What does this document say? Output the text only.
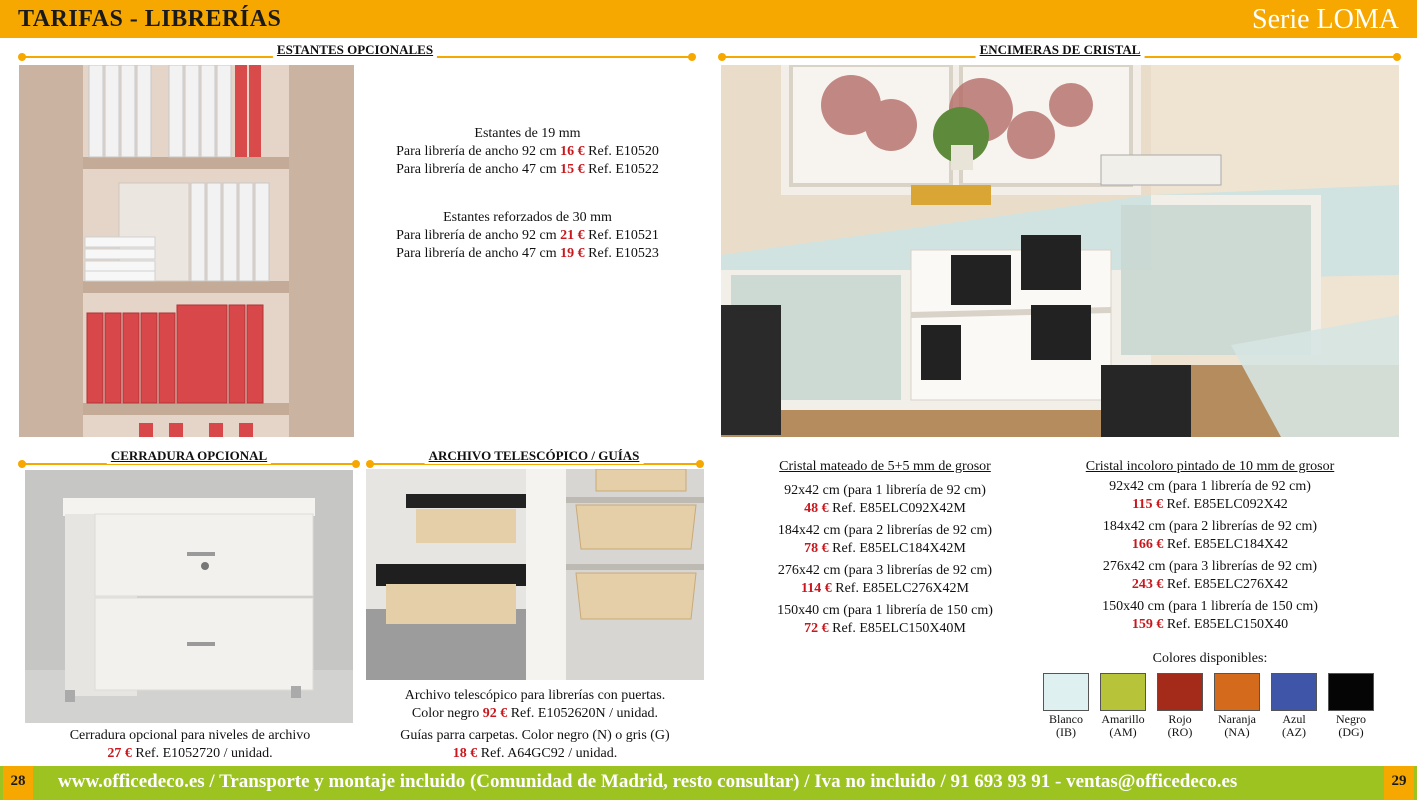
TARIFAS - LIBRERÍAS	Serie LOMA
ESTANTES OPCIONALES	ENCIMERAS DE CRISTAL
CERRADURA OPCIONAL	ARCHIVO TELESCÓPICO / GUÍAS
Estantes de 19 mm
Para librería de ancho 92 cm 16 € Ref. E10520
Para librería de ancho 47 cm 15 € Ref. E10522
Estantes reforzados de 30 mm
Para librería de ancho 92 cm 21 € Ref. E10521
Para librería de ancho 47 cm 19 € Ref. E10523
Cerradura opcional para niveles de archivo
27 € Ref. E1052720 / unidad.
Archivo telescópico para librerías con puertas.
Color negro 92 € Ref. E1052620N / unidad.
Guías parra carpetas. Color negro (N) o gris (G)
18 € Ref. A64GC92 / unidad.
Cristal mateado de 5+5 mm de grosor
92x42 cm (para 1 librería de 92 cm)
48 € Ref. E85ELC092X42M
184x42 cm (para 2 librerías de 92 cm)
78 € Ref. E85ELC184X42M
276x42 cm (para 3 librerías de 92 cm)
114 € Ref. E85ELC276X42M
150x40 cm (para 1 librería de 150 cm)
72 € Ref. E85ELC150X40M
Cristal incoloro pintado de 10 mm de grosor
92x42 cm (para 1 librería de 92 cm)
115 € Ref. E85ELC092X42
184x42 cm (para 2 librerías de 92 cm)
166 € Ref. E85ELC184X42
276x42 cm (para 3 librerías de 92 cm)
243 € Ref. E85ELC276X42
150x40 cm (para 1 librería de 150 cm)
159 € Ref. E85ELC150X40
Colores disponibles:
Blanco
(IB)
Amarillo
(AM)
Rojo
(RO)
Naranja
(NA)
Azul
(AZ)
Negro
(DG)
www.officedeco.es / Transporte y montaje incluido (Comunidad de Madrid, resto consultar) / Iva no incluido / 91 693 93 91 - ventas@officedeco.es
28	29
